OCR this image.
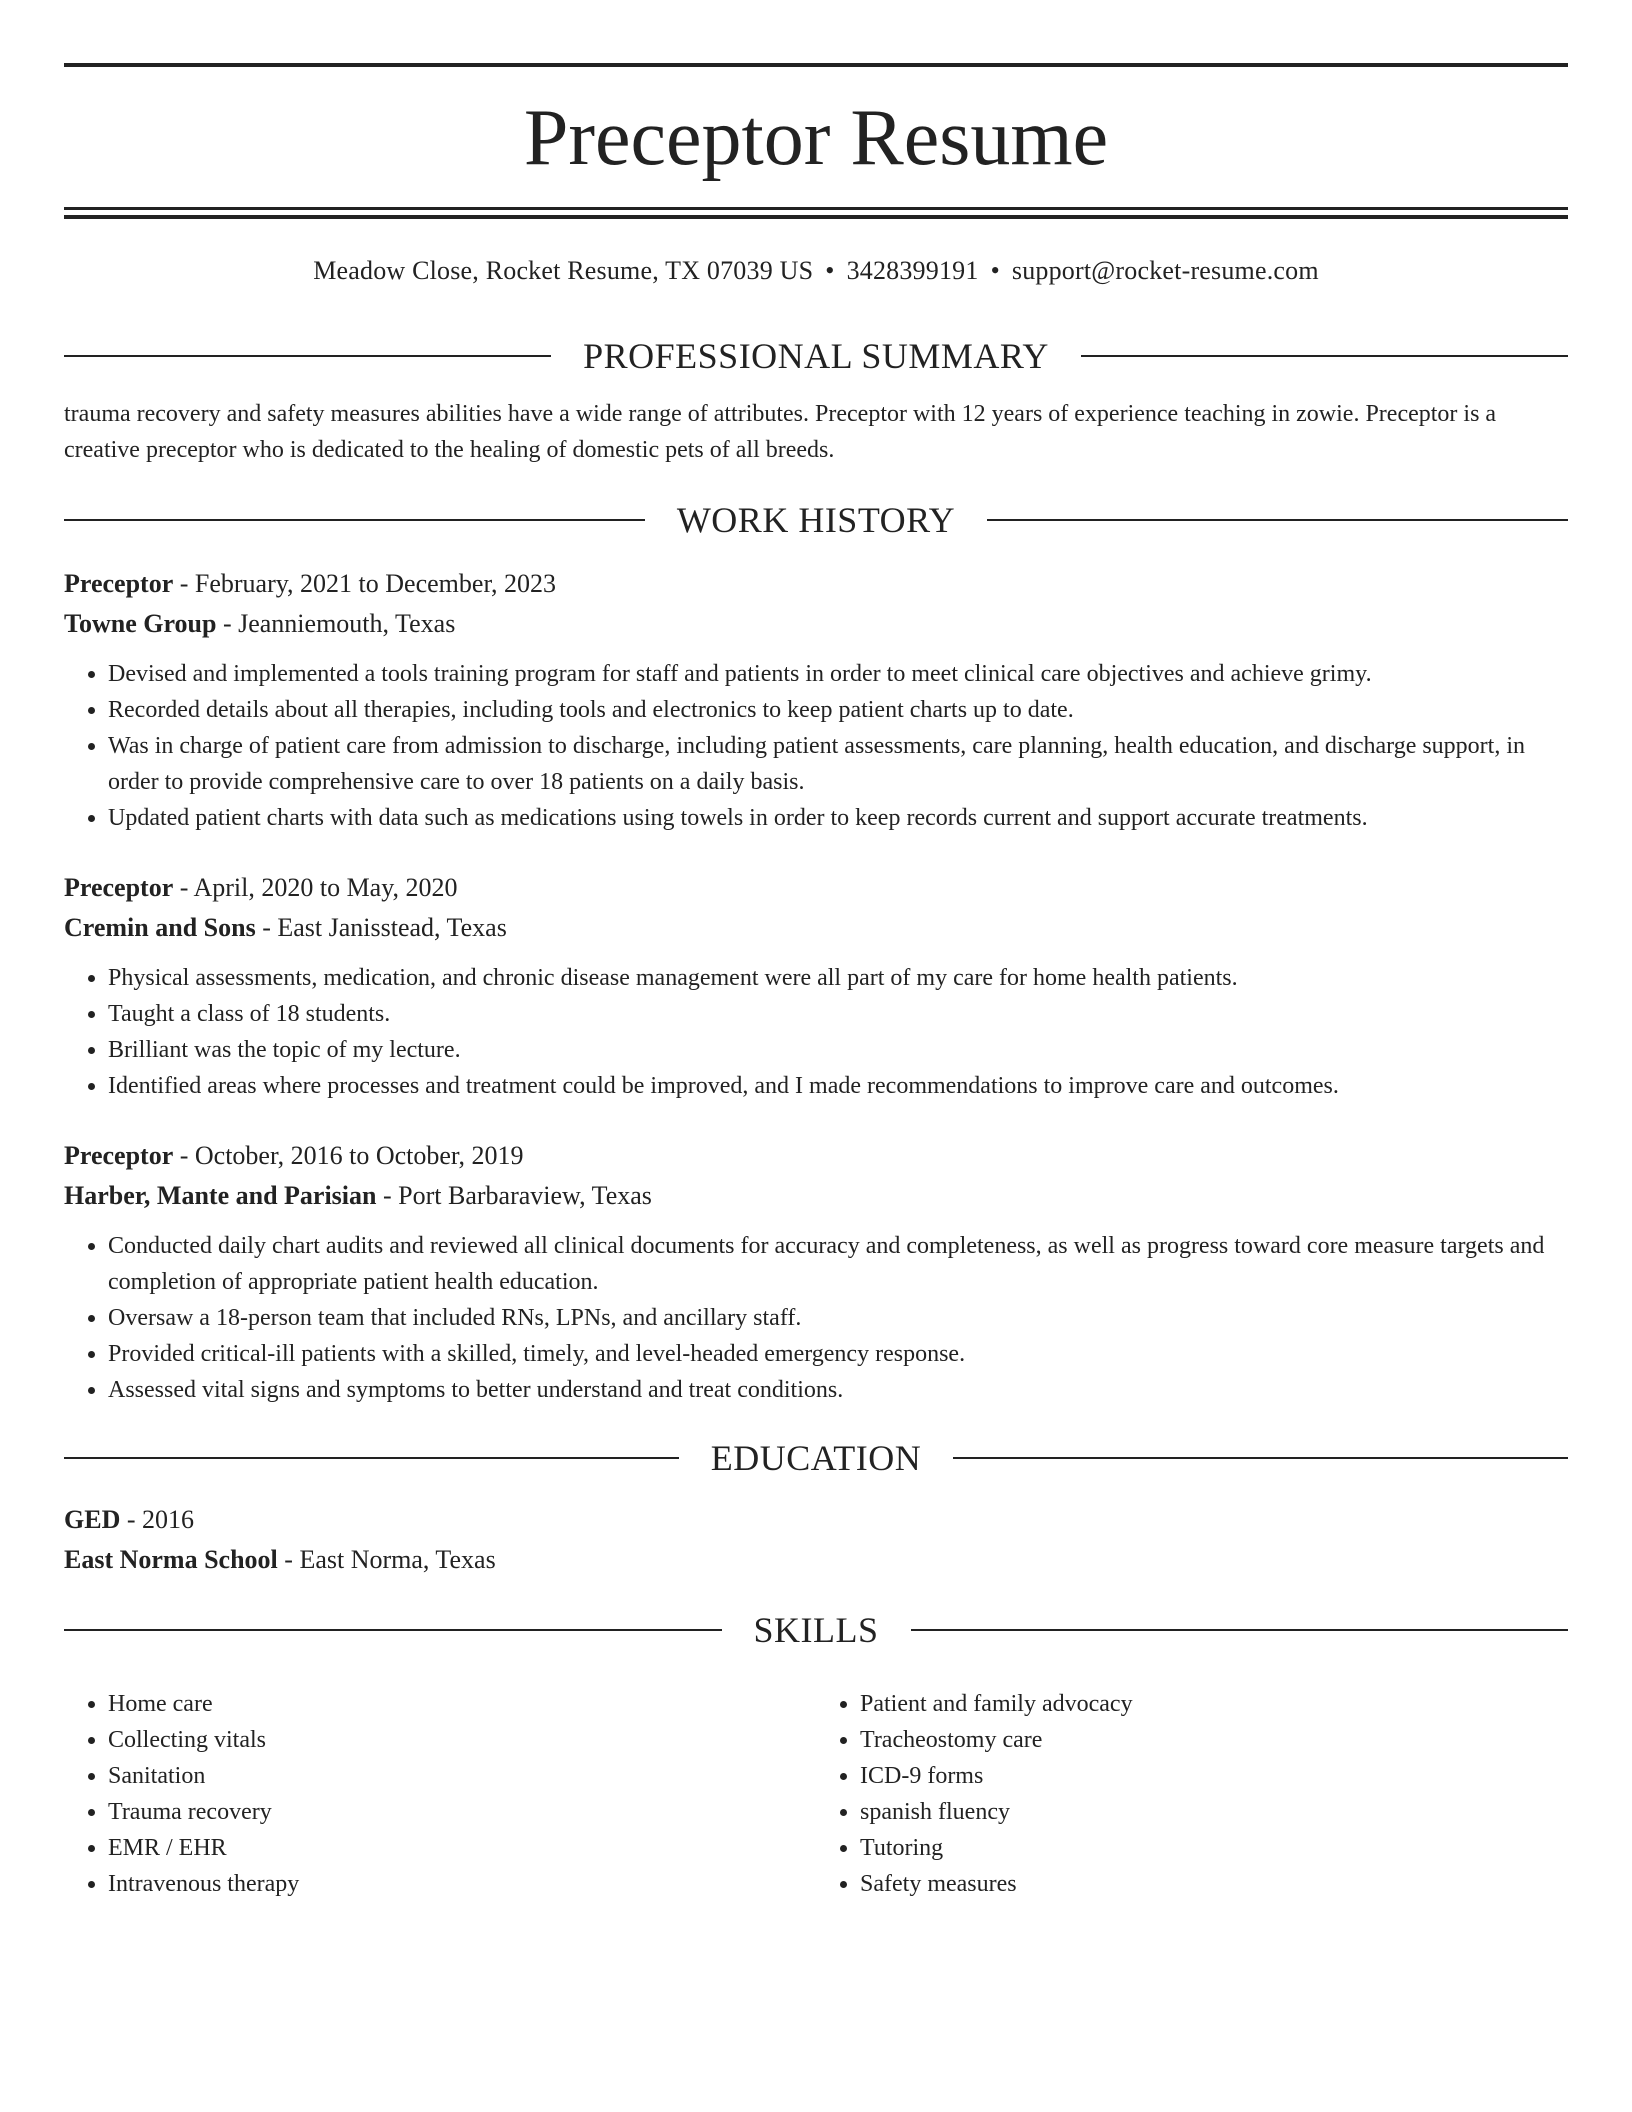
Preceptor Resume
Meadow Close, Rocket Resume, TX 07039 US • 3428399191 • support@rocket-resume.com
PROFESSIONAL SUMMARY
trauma recovery and safety measures abilities have a wide range of attributes. Preceptor with 12 years of experience teaching in zowie. Preceptor is a creative preceptor who is dedicated to the healing of domestic pets of all breeds.
WORK HISTORY
Preceptor - February, 2021 to December, 2023
Towne Group - Jeanniemouth, Texas
• Devised and implemented a tools training program for staff and patients in order to meet clinical care objectives and achieve grimy.
• Recorded details about all therapies, including tools and electronics to keep patient charts up to date.
• Was in charge of patient care from admission to discharge, including patient assessments, care planning, health education, and discharge support, in order to provide comprehensive care to over 18 patients on a daily basis.
• Updated patient charts with data such as medications using towels in order to keep records current and support accurate treatments.
Preceptor - April, 2020 to May, 2020
Cremin and Sons - East Janisstead, Texas
• Physical assessments, medication, and chronic disease management were all part of my care for home health patients.
• Taught a class of 18 students.
• Brilliant was the topic of my lecture.
• Identified areas where processes and treatment could be improved, and I made recommendations to improve care and outcomes.
Preceptor - October, 2016 to October, 2019
Harber, Mante and Parisian - Port Barbaraview, Texas
• Conducted daily chart audits and reviewed all clinical documents for accuracy and completeness, as well as progress toward core measure targets and completion of appropriate patient health education.
• Oversaw a 18-person team that included RNs, LPNs, and ancillary staff.
• Provided critical-ill patients with a skilled, timely, and level-headed emergency response.
• Assessed vital signs and symptoms to better understand and treat conditions.
EDUCATION
GED - 2016
East Norma School - East Norma, Texas
SKILLS
• Home care
• Collecting vitals
• Sanitation
• Trauma recovery
• EMR / EHR
• Intravenous therapy
• Patient and family advocacy
• Tracheostomy care
• ICD-9 forms
• spanish fluency
• Tutoring
• Safety measures
